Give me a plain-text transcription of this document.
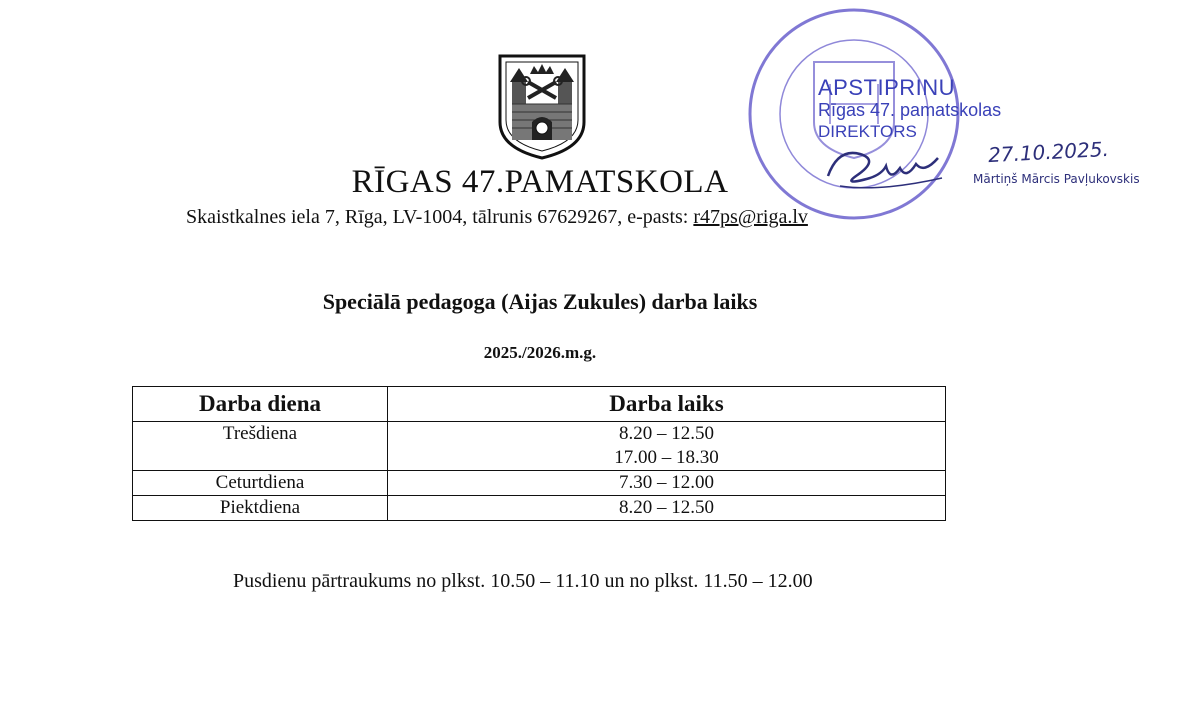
APSTIPRINU
Rīgas 47. pamatskolas
DIREKTORS
27.10.2025.
Mārtiņš Mārcis Pavļukovskis
RĪGAS 47.PAMATSKOLA
Skaistkalnes iela 7, Rīga, LV-1004, tālrunis 67629267, e-pasts: r47ps@riga.lv
Speciālā pedagoga (Aijas Zukules) darba laiks
2025./2026.m.g.
Darba diena	Darba laiks
Trešdiena	8.20 – 12.50
17.00 – 18.30

Ceturtdiena	7.30 – 12.00
Piektdiena	8.20 – 12.50
Pusdienu pārtraukums no plkst. 10.50 – 11.10 un no plkst. 11.50 – 12.00
